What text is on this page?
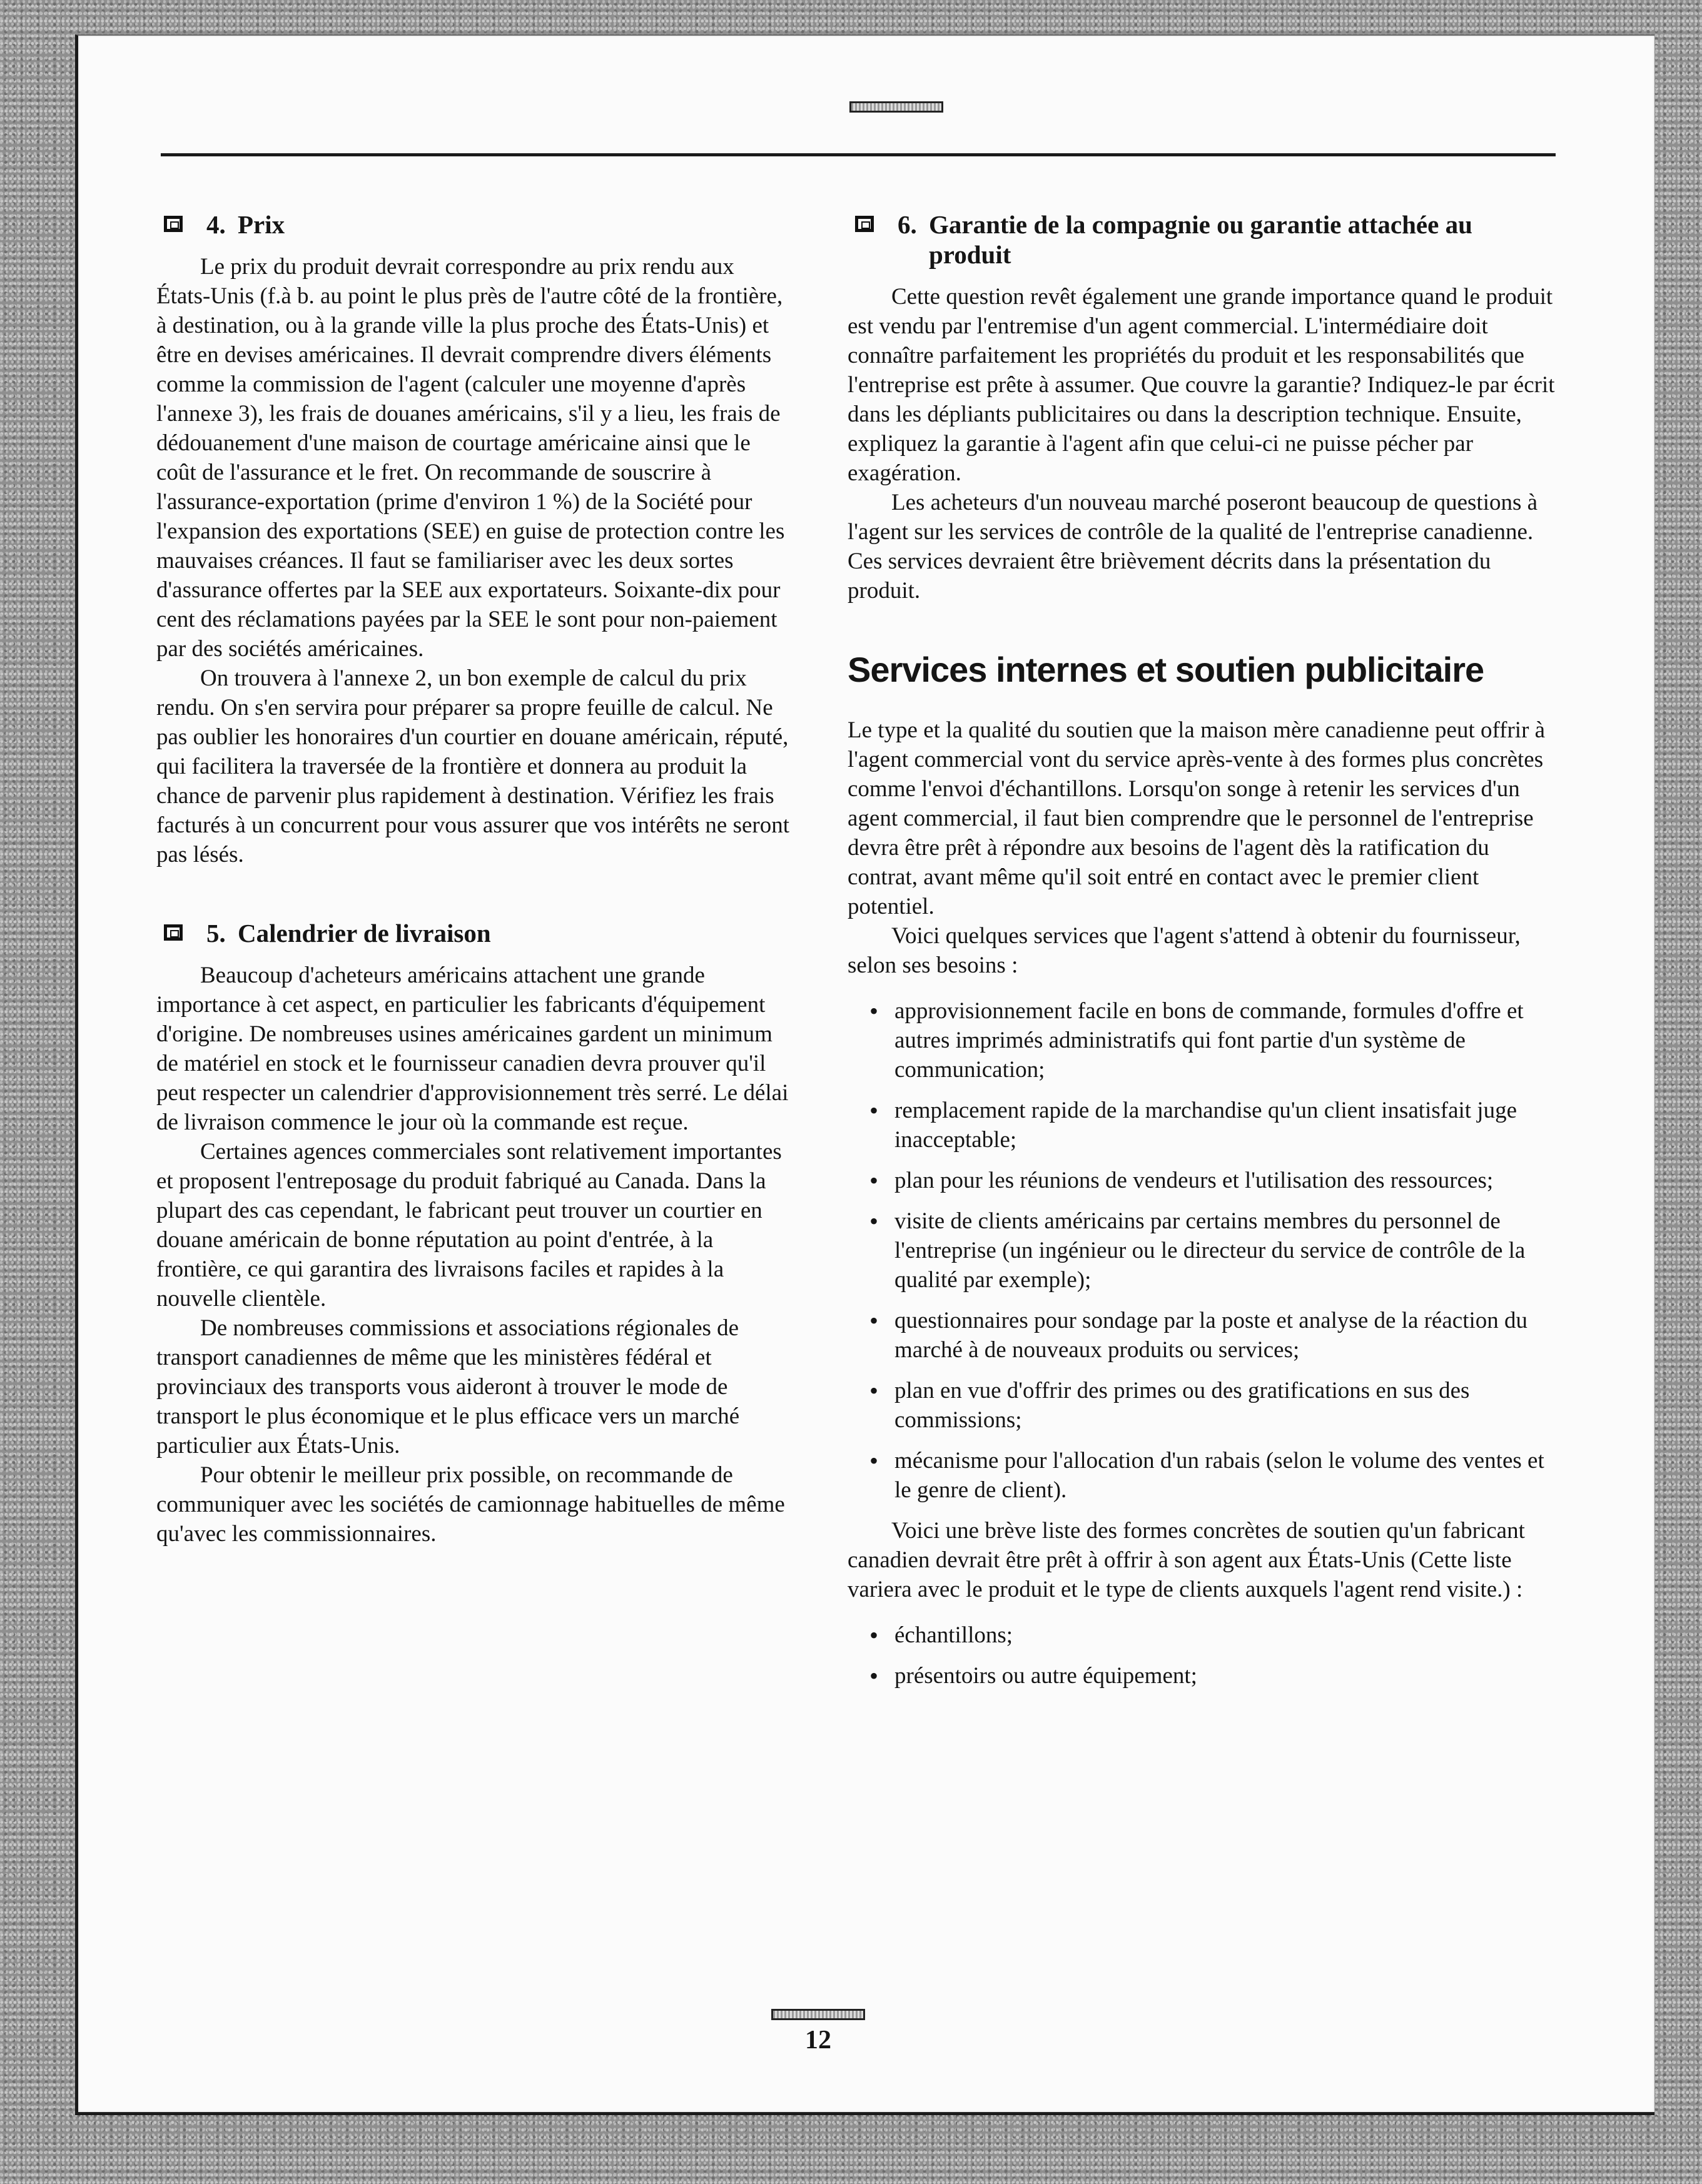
4. Prix

Le prix du produit devrait correspondre au prix rendu aux États-Unis (f.à b. au point le plus près de l'autre côté de la frontière, à destination, ou à la grande ville la plus proche des États-Unis) et être en devises américaines. Il devrait comprendre divers éléments comme la commission de l'agent (calculer une moyenne d'après l'annexe 3), les frais de douanes américains, s'il y a lieu, les frais de dédouanement d'une maison de courtage américaine ainsi que le coût de l'assurance et le fret. On recommande de souscrire à l'assurance-exportation (prime d'environ 1 %) de la Société pour l'expansion des exportations (SEE) en guise de protection contre les mauvaises créances. Il faut se familiariser avec les deux sortes d'assurance offertes par la SEE aux exportateurs. Soixante-dix pour cent des réclamations payées par la SEE le sont pour non-paiement par des sociétés américaines.

On trouvera à l'annexe 2, un bon exemple de calcul du prix rendu. On s'en servira pour préparer sa propre feuille de calcul. Ne pas oublier les honoraires d'un courtier en douane américain, réputé, qui facilitera la traversée de la frontière et donnera au produit la chance de parvenir plus rapidement à destination. Vérifiez les frais facturés à un concurrent pour vous assurer que vos intérêts ne seront pas lésés.

5. Calendrier de livraison

Beaucoup d'acheteurs américains attachent une grande importance à cet aspect, en particulier les fabricants d'équipement d'origine. De nombreuses usines américaines gardent un minimum de matériel en stock et le fournisseur canadien devra prouver qu'il peut respecter un calendrier d'approvisionnement très serré. Le délai de livraison commence le jour où la commande est reçue.

Certaines agences commerciales sont relativement importantes et proposent l'entreposage du produit fabriqué au Canada. Dans la plupart des cas cependant, le fabricant peut trouver un courtier en douane américain de bonne réputation au point d'entrée, à la frontière, ce qui garantira des livraisons faciles et rapides à la nouvelle clientèle.

De nombreuses commissions et associations régionales de transport canadiennes de même que les ministères fédéral et provinciaux des transports vous aideront à trouver le mode de transport le plus économique et le plus efficace vers un marché particulier aux États-Unis.

Pour obtenir le meilleur prix possible, on recommande de communiquer avec les sociétés de camionnage habituelles de même qu'avec les commissionnaires.

6. Garantie de la compagnie ou garantie attachée au produit

Cette question revêt également une grande importance quand le produit est vendu par l'entremise d'un agent commercial. L'intermédiaire doit connaître parfaitement les propriétés du produit et les responsabilités que l'entreprise est prête à assumer. Que couvre la garantie? Indiquez-le par écrit dans les dépliants publicitaires ou dans la description technique. Ensuite, expliquez la garantie à l'agent afin que celui-ci ne puisse pécher par exagération.

Les acheteurs d'un nouveau marché poseront beaucoup de questions à l'agent sur les services de contrôle de la qualité de l'entreprise canadienne. Ces services devraient être brièvement décrits dans la présentation du produit.

Services internes et soutien publicitaire

Le type et la qualité du soutien que la maison mère canadienne peut offrir à l'agent commercial vont du service après-vente à des formes plus concrètes comme l'envoi d'échantillons. Lorsqu'on songe à retenir les services d'un agent commercial, il faut bien comprendre que le personnel de l'entreprise devra être prêt à répondre aux besoins de l'agent dès la ratification du contrat, avant même qu'il soit entré en contact avec le premier client potentiel.

Voici quelques services que l'agent s'attend à obtenir du fournisseur, selon ses besoins :

• approvisionnement facile en bons de commande, formules d'offre et autres imprimés administratifs qui font partie d'un système de communication;
• remplacement rapide de la marchandise qu'un client insatisfait juge inacceptable;
• plan pour les réunions de vendeurs et l'utilisation des ressources;
• visite de clients américains par certains membres du personnel de l'entreprise (un ingénieur ou le directeur du service de contrôle de la qualité par exemple);
• questionnaires pour sondage par la poste et analyse de la réaction du marché à de nouveaux produits ou services;
• plan en vue d'offrir des primes ou des gratifications en sus des commissions;
• mécanisme pour l'allocation d'un rabais (selon le volume des ventes et le genre de client).

Voici une brève liste des formes concrètes de soutien qu'un fabricant canadien devrait être prêt à offrir à son agent aux États-Unis (Cette liste variera avec le produit et le type de clients auxquels l'agent rend visite.) :

• échantillons;
• présentoirs ou autre équipement;
12
